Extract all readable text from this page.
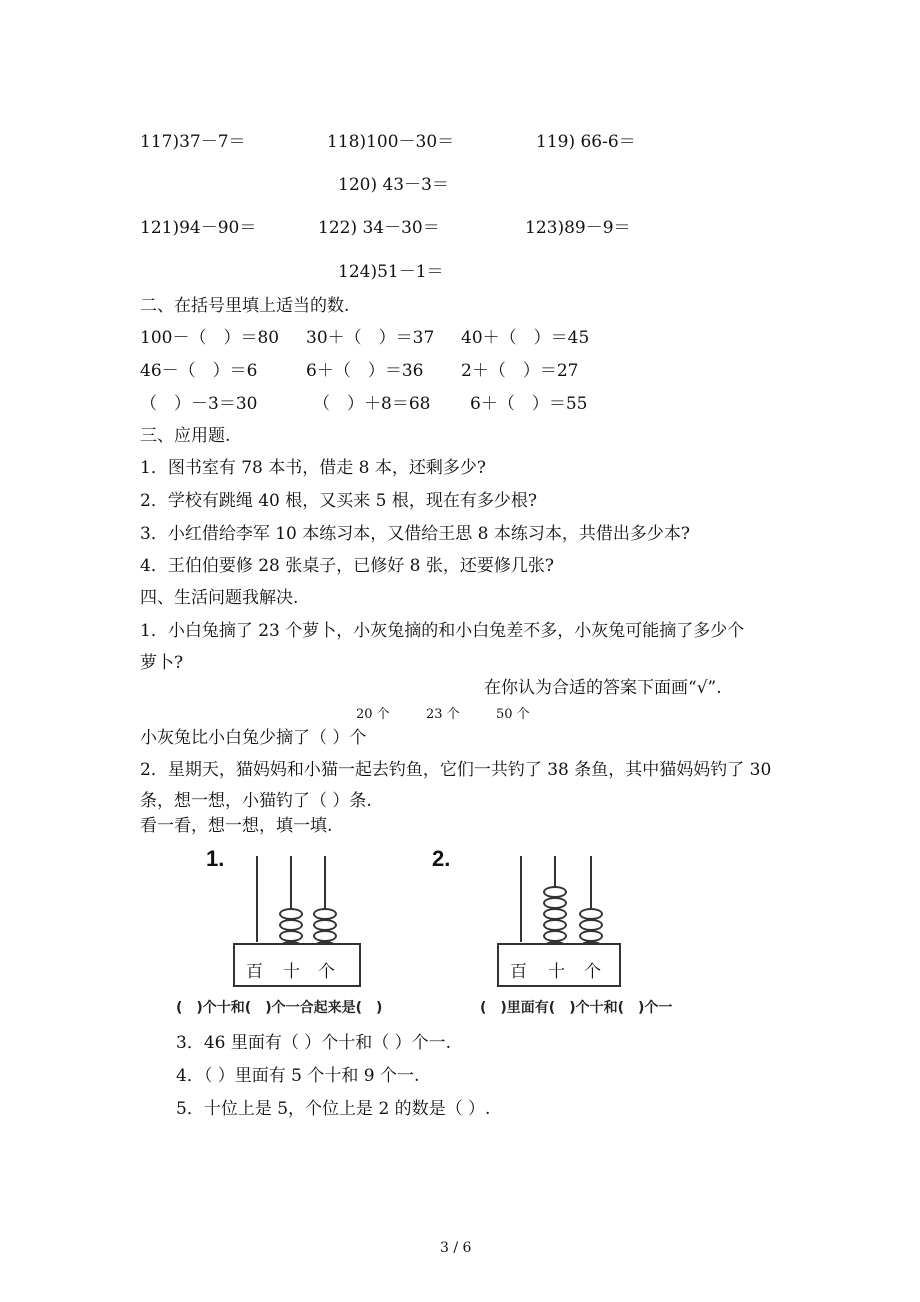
117)37－7＝	118)100－30＝	119) 66-6＝
120) 43－3＝
121)94－90＝	122) 34－30＝	123)89－9＝
124)51－1＝
二、在括号里填上适当的数.
100－（　）＝80 30＋（　）＝37 40＋（　）＝45
46－（　）＝6	6＋（　）＝36 2＋（　）＝27
（　）－3＝30	（　）＋8＝68 6＋（　）＝55
三、应用题.
1．图书室有 78 本书，借走 8 本，还剩多少?
2．学校有跳绳 40 根，又买来 5 根，现在有多少根?
3．小红借给李军 10 本练习本，又借给王思 8 本练习本，共借出多少本?
4．王伯伯要修 28 张桌子，已修好 8 张，还要修几张?
四、生活问题我解决.
1．小白兔摘了 23 个萝卜，小灰兔摘的和小白兔差不多，小灰兔可能摘了多少个
萝卜?
在你认为合适的答案下面画“√”.
20 个	23 个	50 个
小灰兔比小白兔少摘了（ ）个
2．星期天，猫妈妈和小猫一起去钓鱼，它们一共钓了 38 条鱼，其中猫妈妈钓了 30
条，想一想，小猫钓了（ ）条.
看一看，想一想，填一填.
1.
百 十 个
(　)个十和(　)个一合起来是(　)
2.
百 十 个
(　)里面有(　)个十和(　)个一
3．46 里面有（ ）个十和（ ）个一.
4．（ ）里面有 5 个十和 9 个一.
5．十位上是 5，个位上是 2 的数是（ ）.
3 / 6
